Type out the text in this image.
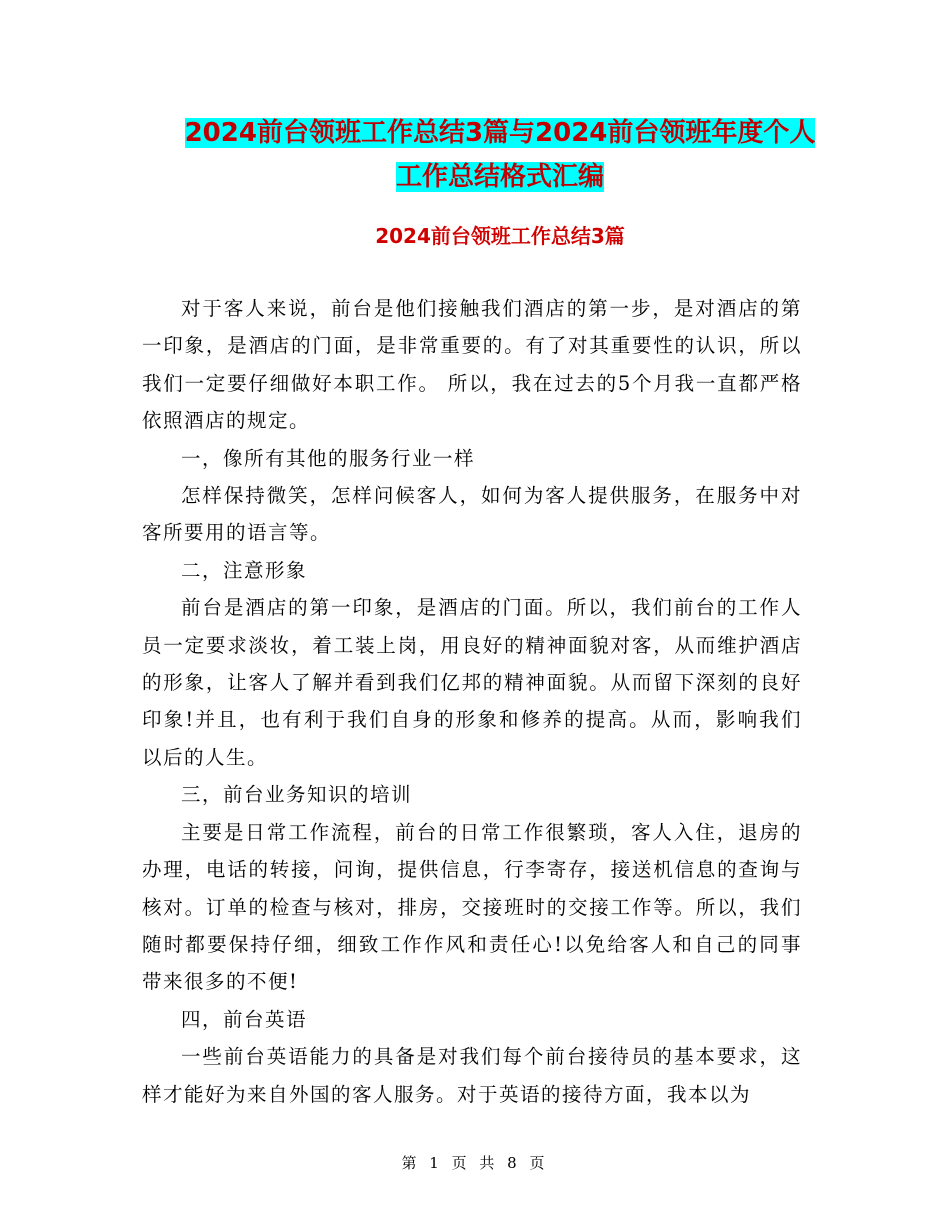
2024前台领班工作总结3篇与2024前台领班年度个人
工作总结格式汇编
2024前台领班工作总结3篇

对于客人来说，前台是他们接触我们酒店的第一步，是对酒店的第一印象，是酒店的门面，是非常重要的。有了对其重要性的认识，所以我们一定要仔细做好本职工作。 所以，我在过去的5个月我一直都严格依照酒店的规定。

一，像所有其他的服务行业一样

怎样保持微笑，怎样问候客人，如何为客人提供服务，在服务中对客所要用的语言等。

二，注意形象

前台是酒店的第一印象，是酒店的门面。所以，我们前台的工作人员一定要求淡妆，着工装上岗，用良好的精神面貌对客，从而维护酒店的形象，让客人了解并看到我们亿邦的精神面貌。从而留下深刻的良好印象!并且，也有利于我们自身的形象和修养的提高。从而，影响我们以后的人生。

三，前台业务知识的培训

主要是日常工作流程，前台的日常工作很繁琐，客人入住，退房的办理，电话的转接，问询，提供信息，行李寄存，接送机信息的查询与核对。订单的检查与核对，排房，交接班时的交接工作等。所以，我们随时都要保持仔细，细致工作作风和责任心!以免给客人和自己的同事带来很多的不便!

四，前台英语

一些前台英语能力的具备是对我们每个前台接待员的基本要求，这样才能好为来自外国的客人服务。对于英语的接待方面，我本以为

第 1 页 共 8 页
